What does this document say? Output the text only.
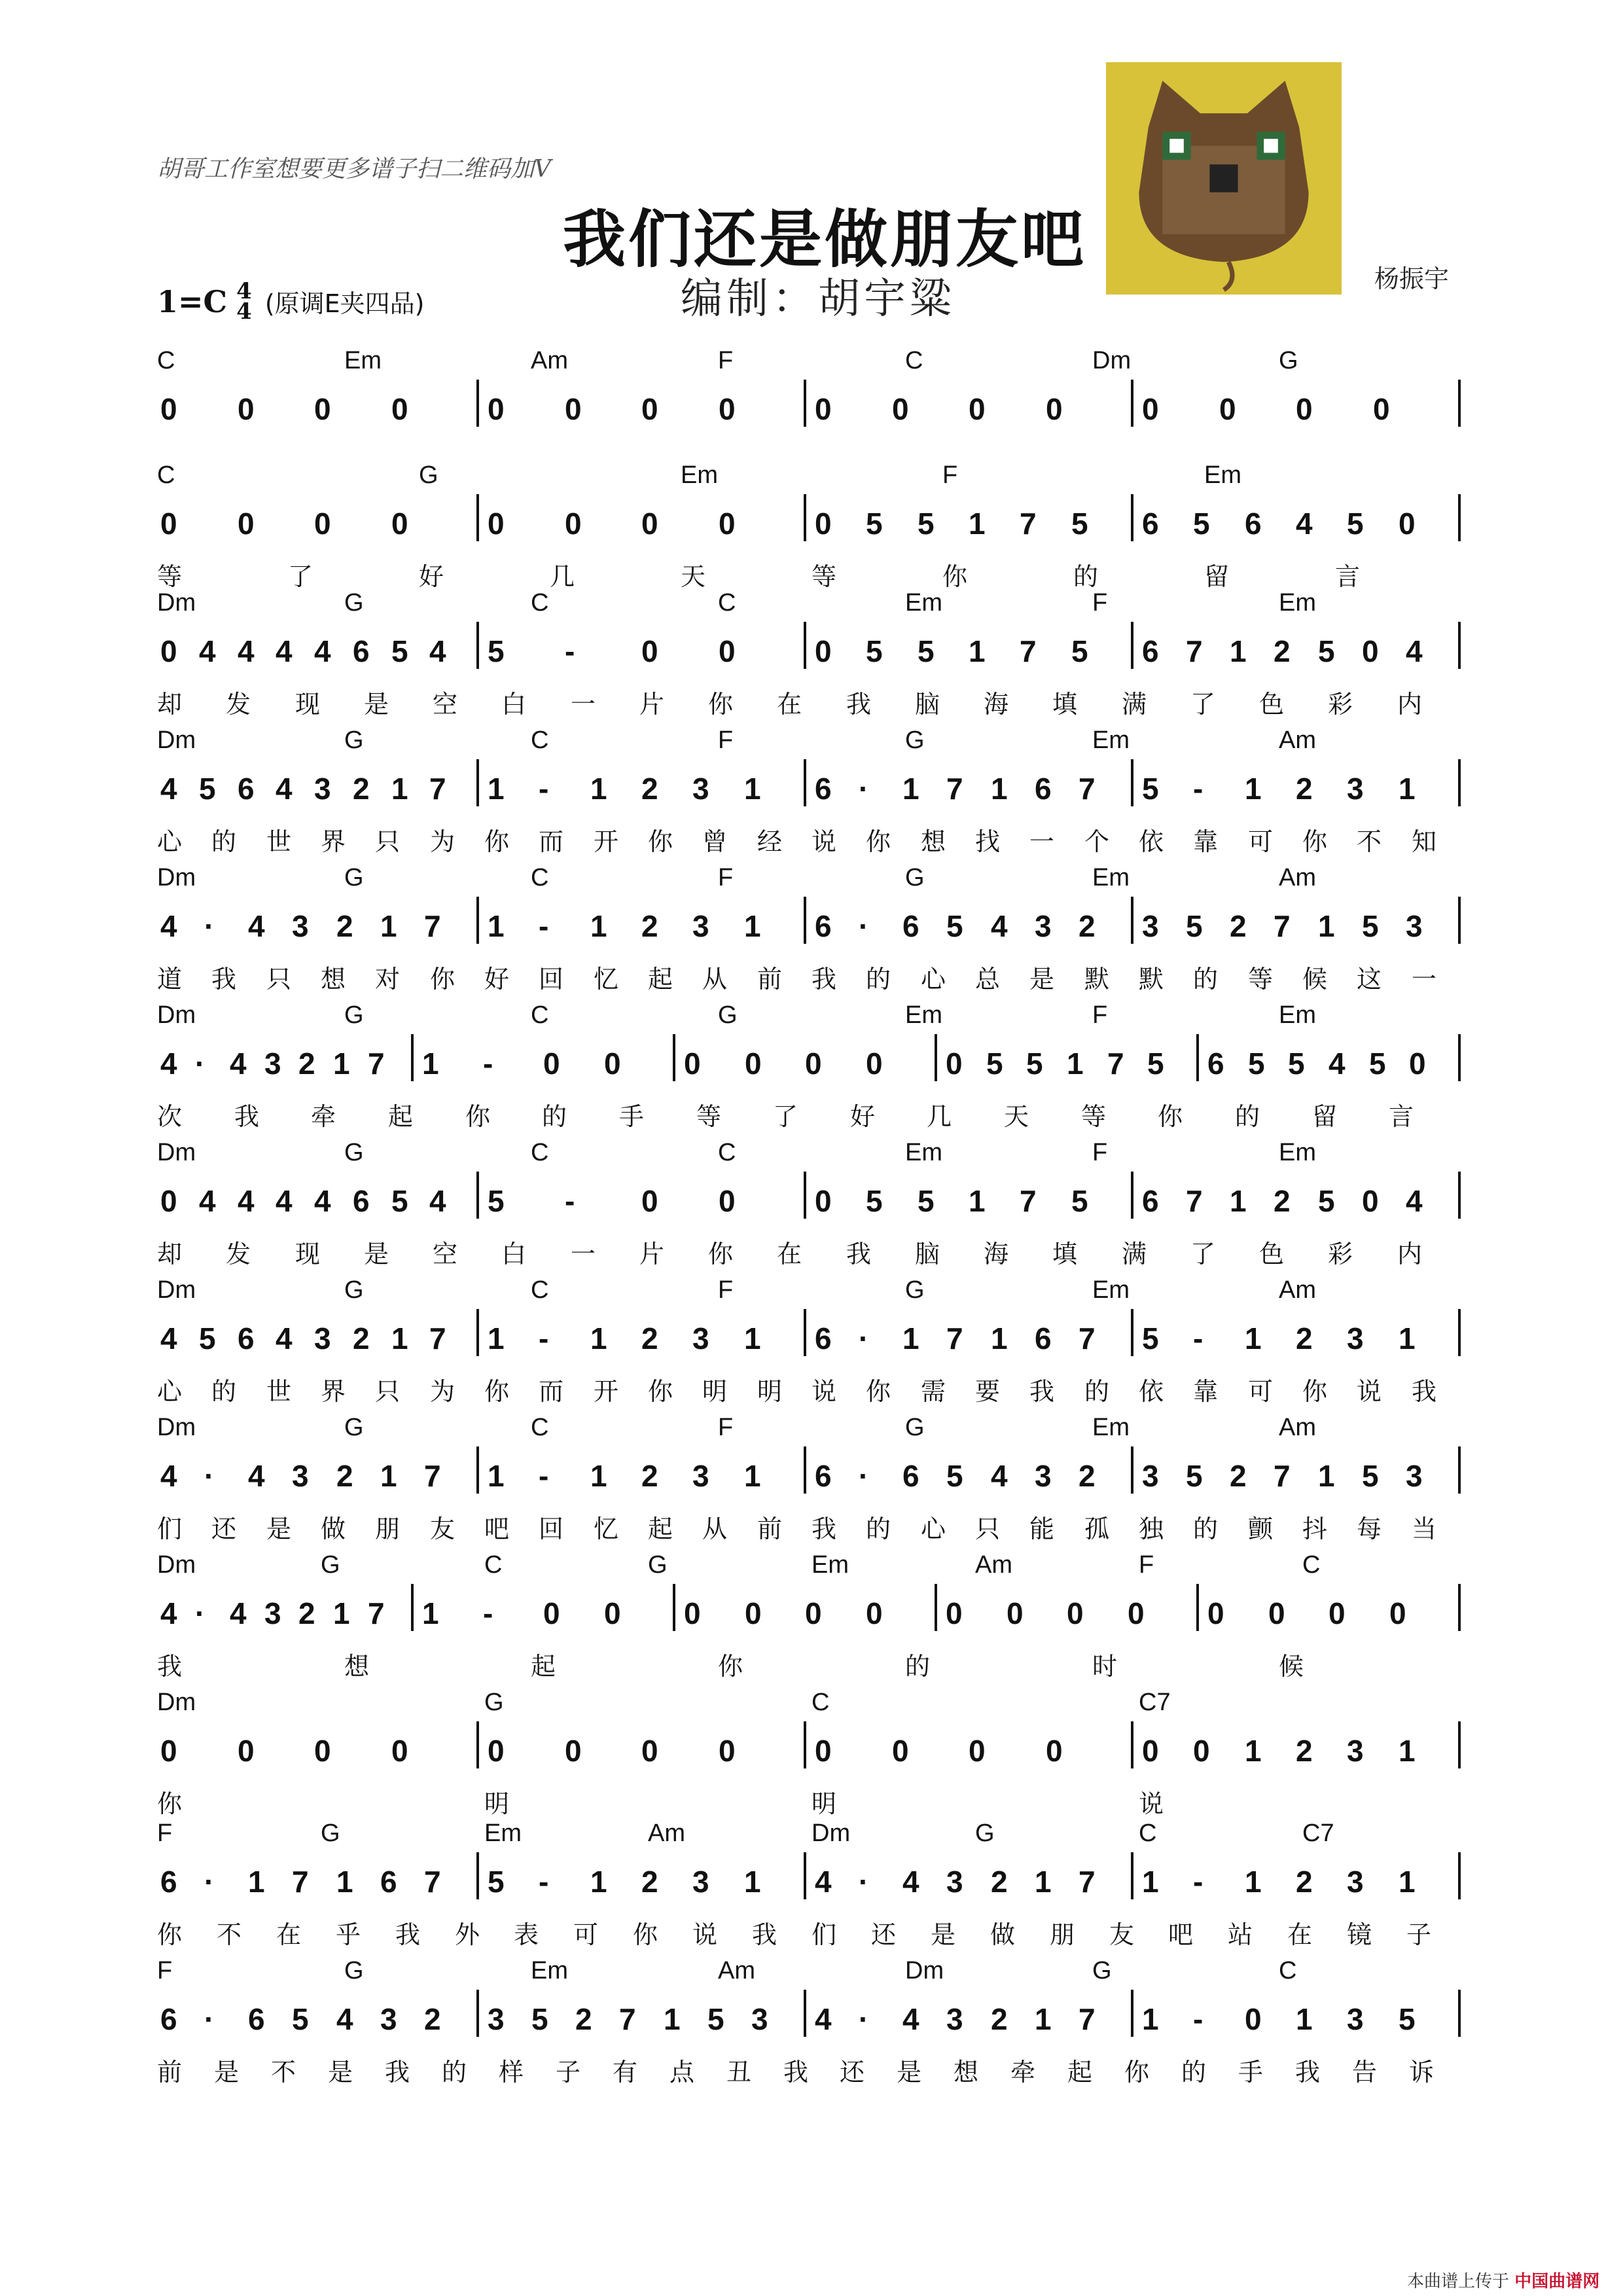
胡哥工作室想要更多谱子扫二维码加V
我们还是做朋友吧
编制：胡宇粱	杨振宇
1=C 4
4 (原调E夹四品)
C	Em	Am	F	C	Dm	G
0 0 0 0	0 0 0 0	0 0 0 0	0 0 0 0
C	G	Em	F	Em
0 0 0 0	0 0 0 0	0 5 5 1 7 5 6 5 6 4 5 0
等	了	好	几	天	等	你	的	留	言
Dm	G	C	C	Em	F	Em
0 4 4 4 4 6 5 4 5 - 0 0	0 5 5 1 7 5 6 7 1 2 5 0 4
却 发 现 是 空 白 一 片 你 在 我 脑 海 填 满 了 色 彩 内
Dm	G	C	F	G	Em	Am
4 5 6 4 3 2 1 7 1 - 1 2 3 1 6 · 1 7 1 6 7 5 - 1 2 3 1
心 的 世 界 只 为 你 而 开 你 曾 经 说 你 想 找 一 个 依 靠 可 你 不 知
Dm	G	C	F	G	Em	Am
4 · 4 3 2 1 7 1 - 1 2 3 1 6 · 6 5 4 3 2 3 5 2 7 1 5 3
道 我 只 想 对 你 好 回 忆 起 从 前 我 的 心 总 是 默 默 的 等 候 这 一
Dm	G	C	G	Em	F	Em
4 · 4 3 2 1 7 1 - 0 0 0 0 0 0 0 5 5 1 7 5 6 5 5 4 5 0
次 我 牵 起 你 的 手 等 了 好 几 天 等 你 的 留 言
Dm	G	C	C	Em	F	Em
0 4 4 4 4 6 5 4 5 - 0 0	0 5 5 1 7 5 6 7 1 2 5 0 4
却 发 现 是 空 白 一 片 你 在 我 脑 海 填 满 了 色 彩 内
Dm	G	C	F	G	Em	Am
4 5 6 4 3 2 1 7 1 - 1 2 3 1 6 · 1 7 1 6 7 5 - 1 2 3 1
心 的 世 界 只 为 你 而 开 你 明 明 说 你 需 要 我 的 依 靠 可 你 说 我
Dm	G	C	F	G	Em	Am
4 · 4 3 2 1 7 1 - 1 2 3 1 6 · 6 5 4 3 2 3 5 2 7 1 5 3
们 还 是 做 朋 友 吧 回 忆 起 从 前 我 的 心 只 能 孤 独 的 颤 抖 每 当
Dm	G	C	G	Em	Am	F	C
4 · 4 3 2 1 7 1 - 0 0 0 0 0 0 0 0 0 0 0 0 0 0
我	想	起	你	的	时	候
Dm	G	C	C7
0 0 0 0	0 0 0 0	0 0 0 0	0 0 1 2 3 1
你	明	明	说
F	G	Em	Am	Dm	G	C	C7
6 · 1 7 1 6 7 5 - 1 2 3 1 4 · 4 3 2 1 7 1 - 1 2 3 1
你 不 在 乎 我 外 表 可 你 说 我 们 还 是 做 朋 友 吧 站 在 镜 子
F	G	Em	Am	Dm	G	C
6 · 6 5 4 3 2 3 5 2 7 1 5 3 4 · 4 3 2 1 7 1 - 0 1 3 5
前 是 不 是 我 的 样 子 有 点 丑 我 还 是 想 牵 起 你 的 手 我 告 诉
本曲谱上传于 中国曲谱网
